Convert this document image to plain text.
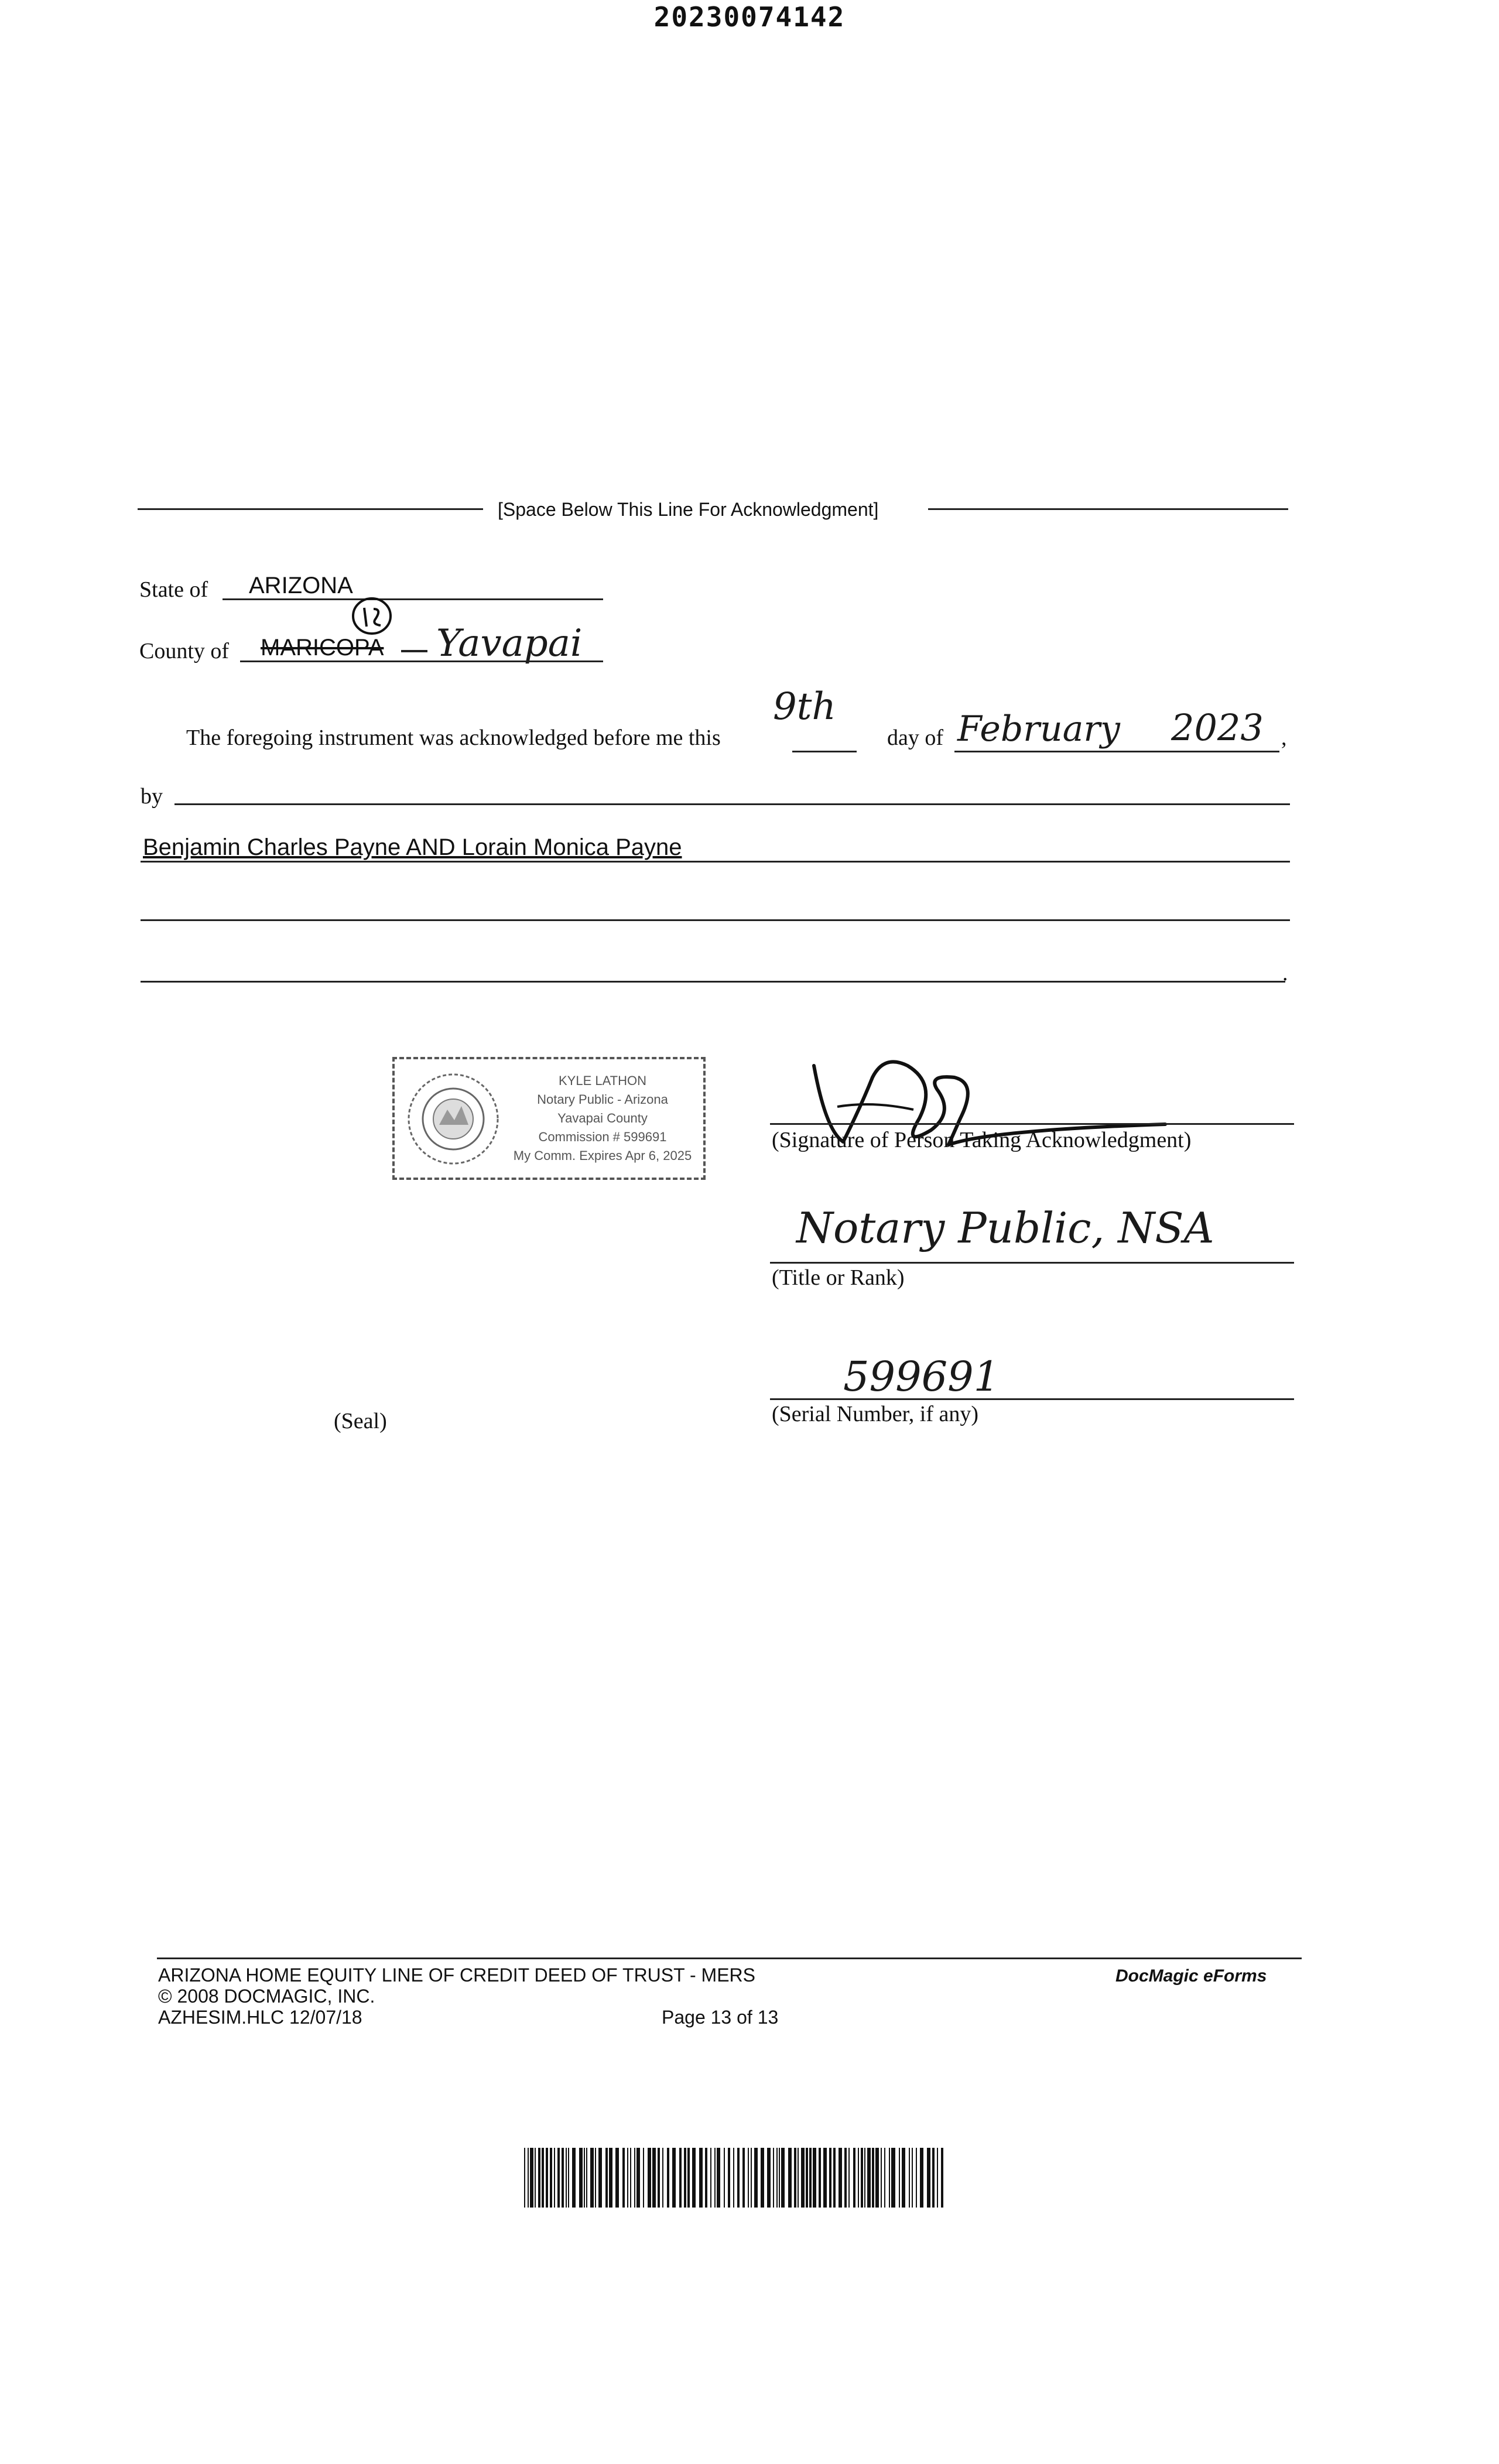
20230074142
[Space Below This Line For Acknowledgment]
State of ARIZONA
County of MARICOPA Yavapai
The foregoing instrument was acknowledged before me this
9th
day of February 2023 ,
by
Benjamin Charles Payne AND Lorain Monica Payne
.
KYLE LATHON
Notary Public - Arizona
Yavapai County
Commission # 599691
My Comm. Expires Apr 6, 2025
(Signature of Person Taking Acknowledgment)
Notary Public, NSA
(Title or Rank)
599691
(Serial Number, if any)
(Seal)
ARIZONA HOME EQUITY LINE OF CREDIT DEED OF TRUST - MERS
© 2008 DOCMAGIC, INC.
AZHESIM.HLC 12/07/18	Page 13 of 13
DocMagic eForms
